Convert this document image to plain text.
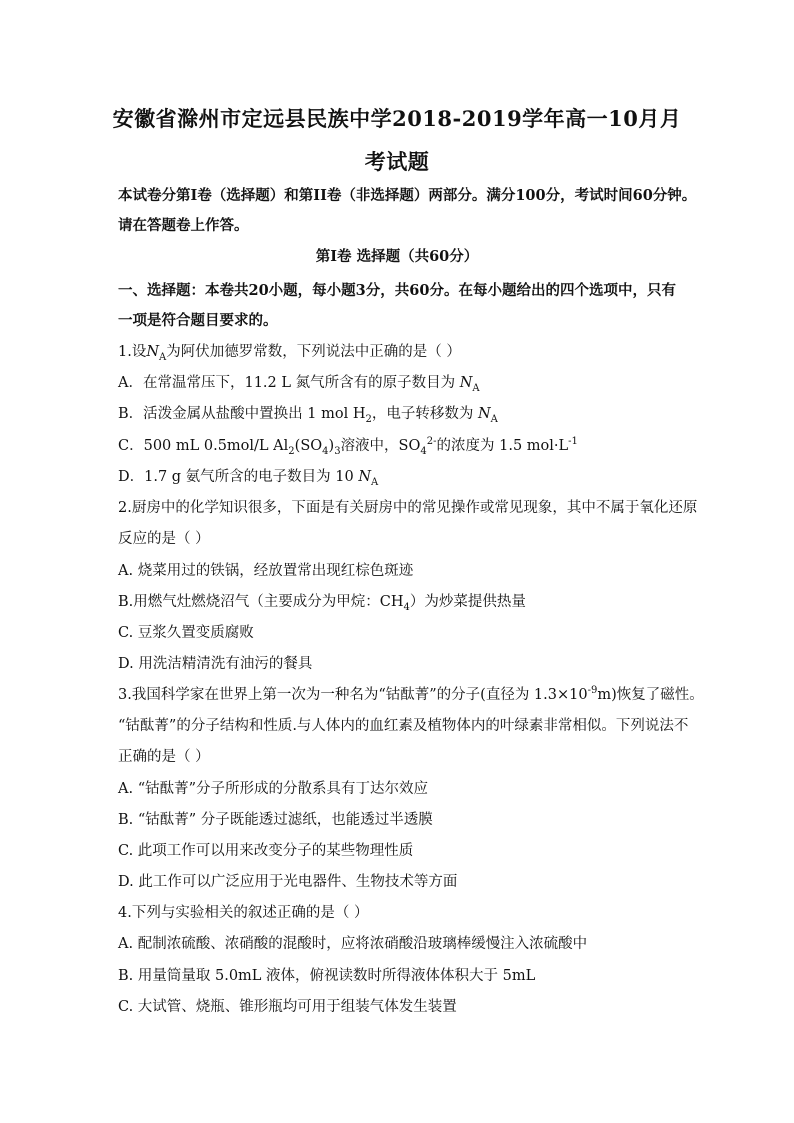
安徽省滁州市定远县民族中学2018-2019学年高一10月月
考试题
本试卷分第I卷（选择题）和第II卷（非选择题）两部分。满分100分，考试时间60分钟。
请在答题卷上作答。
第I卷 选择题（共60分）
一、选择题：本卷共20小题，每小题3分，共60分。在每小题给出的四个选项中，只有
一项是符合题目要求的。
1.设$N_A$为阿伏加德罗常数，下列说法中正确的是（ ）
A．在常温常压下，11.2 L 氮气所含有的原子数目为 $N_A$
B．活泼金属从盐酸中置换出 1 mol $H_2$，电子转移数为 $N_A$
C．500 mL 0.5mol/L $Al_2(SO_4)_3$溶液中，$SO_4^{2-}$的浓度为 1.5 $mol\cdot L^{-1}$
D．1.7 g 氨气所含的电子数目为 10 $N_A$
2.厨房中的化学知识很多，下面是有关厨房中的常见操作或常见现象，其中不属于氧化还原
反应的是（ ）
A. 烧菜用过的铁锅，经放置常出现红棕色斑迹
B.用燃气灶燃烧沼气（主要成分为甲烷：$CH_4$）为炒菜提供热量
C. 豆浆久置变质腐败
D. 用洗洁精清洗有油污的餐具
3.我国科学家在世界上第一次为一种名为“钴酞菁”的分子(直径为 $1.3\times 10^{-9}m$)恢复了磁性。
“钴酞菁”的分子结构和性质.与人体内的血红素及植物体内的叶绿素非常相似。下列说法不
正确的是（ ）
A. “钴酞菁”分子所形成的分散系具有丁达尔效应
B. “钴酞菁” 分子既能透过滤纸，也能透过半透膜
C. 此项工作可以用来改变分子的某些物理性质
D. 此工作可以广泛应用于光电器件、生物技术等方面
4.下列与实验相关的叙述正确的是（ ）
A. 配制浓硫酸、浓硝酸的混酸时，应将浓硝酸沿玻璃棒缓慢注入浓硫酸中
B. 用量筒量取 5.0mL 液体，俯视读数时所得液体体积大于 5mL
C. 大试管、烧瓶、锥形瓶均可用于组装气体发生装置
